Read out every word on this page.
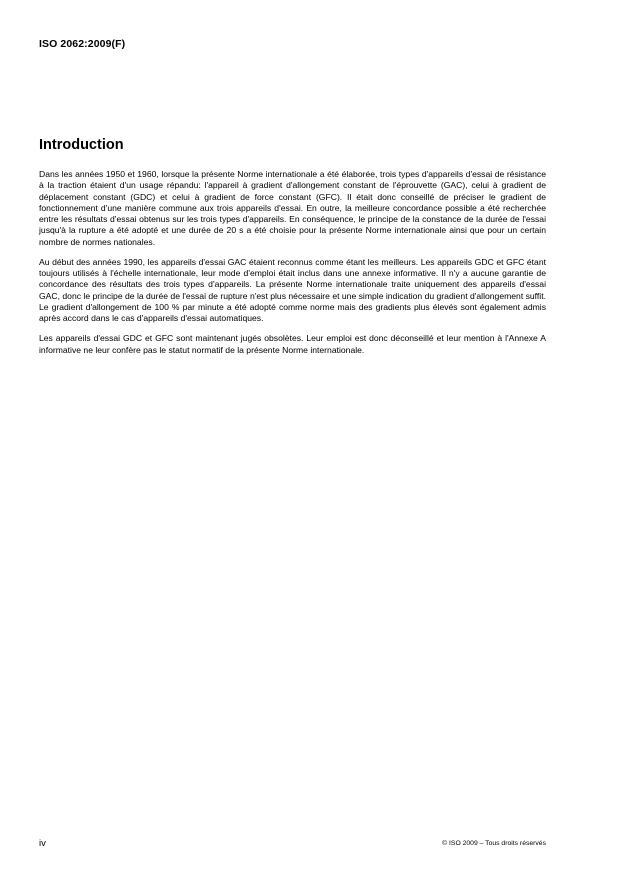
ISO 2062:2009(F)
Introduction

Dans les années 1950 et 1960, lorsque la présente Norme internationale a été élaborée, trois types d'appareils d'essai de résistance à la traction étaient d'un usage répandu: l'appareil à gradient d'allongement constant de l'éprouvette (GAC), celui à gradient de déplacement constant (GDC) et celui à gradient de force constant (GFC). Il était donc conseillé de préciser le gradient de fonctionnement d'une manière commune aux trois appareils d'essai. En outre, la meilleure concordance possible a été recherchée entre les résultats d'essai obtenus sur les trois types d'appareils. En conséquence, le principe de la constance de la durée de l'essai jusqu'à la rupture a été adopté et une durée de 20 s a été choisie pour la présente Norme internationale ainsi que pour un certain nombre de normes nationales.

Au début des années 1990, les appareils d'essai GAC étaient reconnus comme étant les meilleurs. Les appareils GDC et GFC étant toujours utilisés à l'échelle internationale, leur mode d'emploi était inclus dans une annexe informative. Il n'y a aucune garantie de concordance des résultats des trois types d'appareils. La présente Norme internationale traite uniquement des appareils d'essai GAC, donc le principe de la durée de l'essai de rupture n'est plus nécessaire et une simple indication du gradient d'allongement suffit. Le gradient d'allongement de 100 % par minute a été adopté comme norme mais des gradients plus élevés sont également admis après accord dans le cas d'appareils d'essai automatiques.

Les appareils d'essai GDC et GFC sont maintenant jugés obsolètes. Leur emploi est donc déconseillé et leur mention à l'Annexe A informative ne leur confère pas le statut normatif de la présente Norme internationale.

iv	© ISO 2009 – Tous droits réservés
